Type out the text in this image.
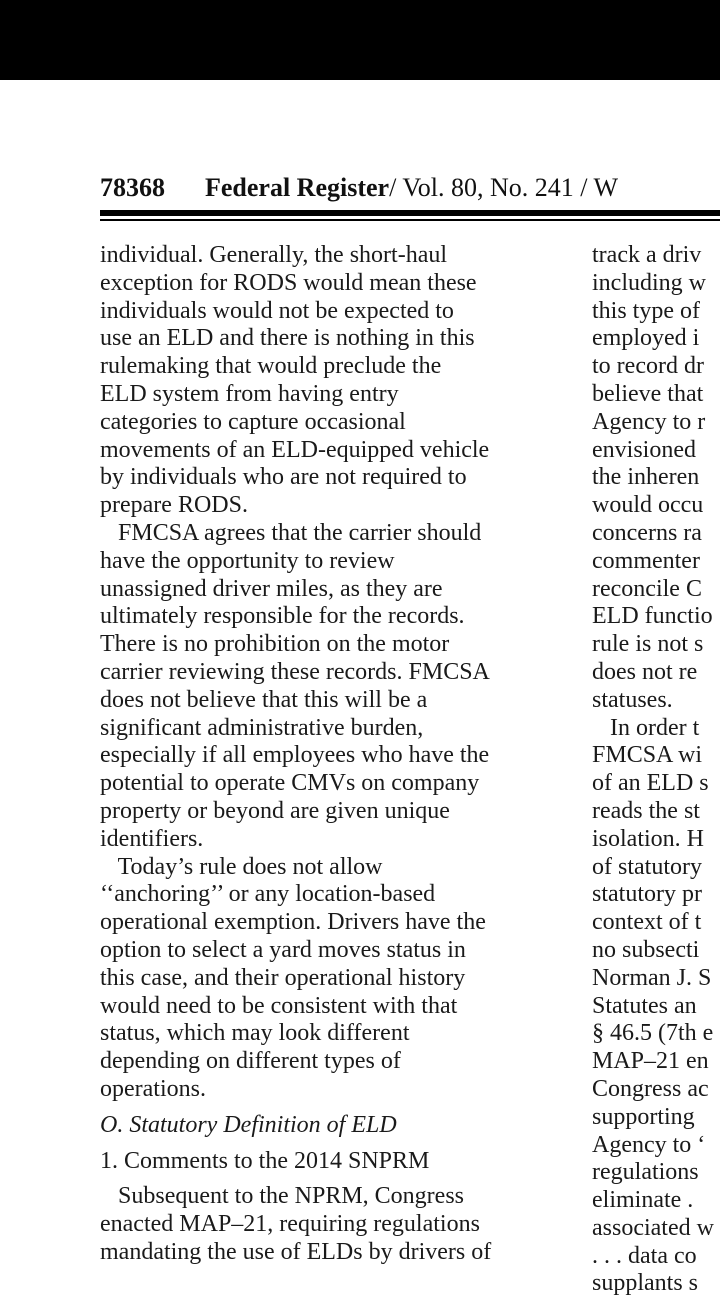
78368 Federal Register/ Vol. 80, No. 241 / W
individual. Generally, the short-haul
exception for RODS would mean these
individuals would not be expected to
use an ELD and there is nothing in this
rulemaking that would preclude the
ELD system from having entry
categories to capture occasional
movements of an ELD-equipped vehicle
by individuals who are not required to
prepare RODS.
FMCSA agrees that the carrier should
have the opportunity to review
unassigned driver miles, as they are
ultimately responsible for the records.
There is no prohibition on the motor
carrier reviewing these records. FMCSA
does not believe that this will be a
significant administrative burden,
especially if all employees who have the
potential to operate CMVs on company
property or beyond are given unique
identifiers.
Today’s rule does not allow
‘‘anchoring’’ or any location-based
operational exemption. Drivers have the
option to select a yard moves status in
this case, and their operational history
would need to be consistent with that
status, which may look different
depending on different types of
operations.
O. Statutory Definition of ELD
1. Comments to the 2014 SNPRM
Subsequent to the NPRM, Congress
enacted MAP–21, requiring regulations
mandating the use of ELDs by drivers of
track a driv
including w
this type of
employed i
to record dr
believe that
Agency to r
envisioned
the inheren
would occu
concerns ra
commenter
reconcile C
ELD functio
rule is not s
does not re
statuses.
In order t
FMCSA wi
of an ELD s
reads the st
isolation. H
of statutory
statutory pr
context of t
no subsecti
Norman J. S
Statutes an
§ 46.5 (7th e
MAP–21 en
Congress ac
supporting
Agency to ‘
regulations
eliminate .
associated w
. . . data co
supplants s
